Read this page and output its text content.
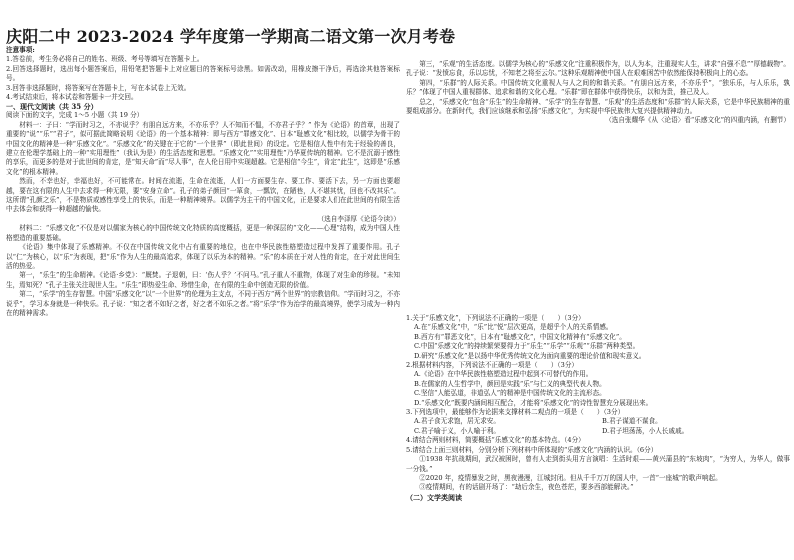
庆阳二中 2023-2024 学年度第一学期高二语文第一次月考卷

注意事项:

1.答卷前，考生务必将自己的姓名、班级、考号等填写在答题卡上。

2.回答选择题时，选出每小题答案后，用铅笔把答题卡上对应题目的答案标号涂黑。如需改动，用橡皮擦干净后，再选涂其他答案标号。

3.回答非选择题时，将答案写在答题卡上，写在本试卷上无效。

4.考试结束后，将本试卷和答题卡一并交回。

一、现代文阅读（共 35 分）

阅读下面的文字，完成 1～5 小题（共 19 分）

材料一：子曰：“学而时习之，不亦说乎？有朋自远方来，不亦乐乎？人不知而不愠，不亦君子乎？” 作为《论语》的首章，出现了重要的“说”“乐”“君子”，似可据此简略说明《论语》的一个基本精神：即与西方“罪感文化”、日本“耻感文化”相比较，以儒学为骨干的中国文化的精神是一种“乐感文化”。“乐感文化”的关键在于它的“一个世界”（即此世间）的设定。它是相信人性中有先于经验的善良，建立在伦理学基础上的一种“实用理性”（我认为是）的生活态度和思想。“乐感文化”“实用理性”乃华夏传统的精神。它不是沉溺于感性的享乐，而更多的是对于此世间的肯定，是“知天命”而“尽人事”，在人伦日用中实现超越。它是相信“今生”，肯定“此生”，这即是“乐感文化”的根本精神。

然而，不幸也好，幸福也好，不可能常在。时间在流逝，生命在流逝，人们一方面要生存、要工作、要活下去，另一方面也要超越，要在这有限的人生中去求得一种无限，要“安身立命”。孔子的弟子颜回“一箪食，一瓢饮，在陋巷，人不堪其忧，回也不改其乐”。这所谓“孔颜之乐”，不是物质或感性享受上的快乐，而是一种精神境界。以儒学为主干的中国文化，正是要求人们在此世间的有限生活中去体会和获得一种超越的愉快。

（选自李泽厚《论语今读》）

材料二：“乐感文化”不仅是对以儒家为核心的中国传统文化特质的高度概括，更是一种深层的“文化——心理”结构，成为中国人性格塑造的重要基础。

《论语》集中体现了乐感精神。不仅在中国传统文化中占有重要的地位，也在中华民族性格塑造过程中发挥了重要作用。孔子以“仁”为核心，以“乐”为表现，把“乐”作为人生的最高追求，体现了以乐为本的精神。“乐”的本质在于对人性的肯定，在于对此世间生活的热爱。

第一，“乐生”的生命精神。《论语·乡党》：“厩焚。子退朝，曰：‘伤人乎？’不问马。”孔子重人不重物，体现了对生命的珍视。“未知生，焉知死？”孔子主张关注现世人生。“乐生”即热爱生命、珍惜生命，在有限的生命中创造无限的价值。

第二，“乐学”的生存智慧。中国“乐感文化”以“一个世界”的伦理为主支点，不同于西方“两个世界”的宗教信仰。“学而时习之，不亦说乎”，学习本身就是一种快乐。孔子说：“知之者不如好之者，好之者不如乐之者。”将“乐学”作为治学的最高境界，使学习成为一种内在的精神需求。

第三，“乐观”的生活态度。以儒学为核心的“乐感文化”注重积极作为，以人为本，注重现实人生，讲求“自强不息”“厚德载物”。孔子说：“发愤忘食，乐以忘忧，不知老之将至云尔。”这种乐观精神使中国人在艰难困苦中依然能保持积极向上的心态。

第四，“乐群”的人际关系。中国传统文化重视人与人之间的和谐关系。“有朋自远方来，不亦乐乎”，“独乐乐，与人乐乐，孰乐？”体现了中国人重视群体、追求和谐的文化心理。“乐群”即在群体中获得快乐，以和为贵，推己及人。

总之，“乐感文化”包含“乐生”的生命精神、“乐学”的生存智慧、“乐观”的生活态度和“乐群”的人际关系，它是中华民族精神的重要组成部分。在新时代，我们应该继承和弘扬“乐感文化”，为实现中华民族伟大复兴提供精神动力。

（选自张耀华《从〈论语〉看“乐感文化”的四重内涵，有删节）

1.关于“乐感文化”，下列说法不正确的一项是（　　）（3分）

A.在“乐感文化”中，“乐”比“悦”层次更高，是超乎个人的关系情感。

B.西方有“罪恶文化”，日本有“耻感文化”，中国文化精神有“乐感文化”。

C.中国“乐感文化”的持续繁荣要得力于“乐生”“乐学”“乐观”“乐群”两种类型。

D.研究“乐感文化”是以扬中华优秀传统文化为面向重要的理论价值和现实意义。

2.根据材料内容，下列说法不正确的一项是（　　）（3分）

A.《论语》在中华民族性格塑造过程中起到不可替代的作用。

B.在儒家的人生哲学中，颜回是实践“乐”与仁义的典型代表人物。

C.坚信“人能弘道，非道弘人”的精神是中国传统文化的主流形态。

D.“乐感文化”既要内涵间相互配合，才能将“乐感文化”的诗性智慧充分展现出来。

3.下列选项中，最能够作为论据来支撑材料二观点的一项是（　　）（3分）

A.君子食无求饱，居无求安。	B.君子谋道不谋食。
C.君子喻于义，小人喻于利。	D.君子坦荡荡，小人长戚戚。

4.请结合两则材料，简要概括“乐感文化”的基本特点。（4分）

5.请结合上面三则材料，分别分析下列材料中所体现的“乐感文化”内涵的认识。（6分）

①1938 年抗战期间，武汉被困时，曾有人走到街头用方言演唱：生活时艰——黄兴蒲县的“东坡肉”，“为穷人，为华人，做事一分钱。”

②2020 年，疫情暴发之时，黑夜漫漫，江城封闭。但从千千万万的国人中，一首“一座城”的歌声响起。

③疫情期间，有的话剧开场了：“劫后余生，夜色苍茫，要多西部能解决。”

（二）文学类阅读
